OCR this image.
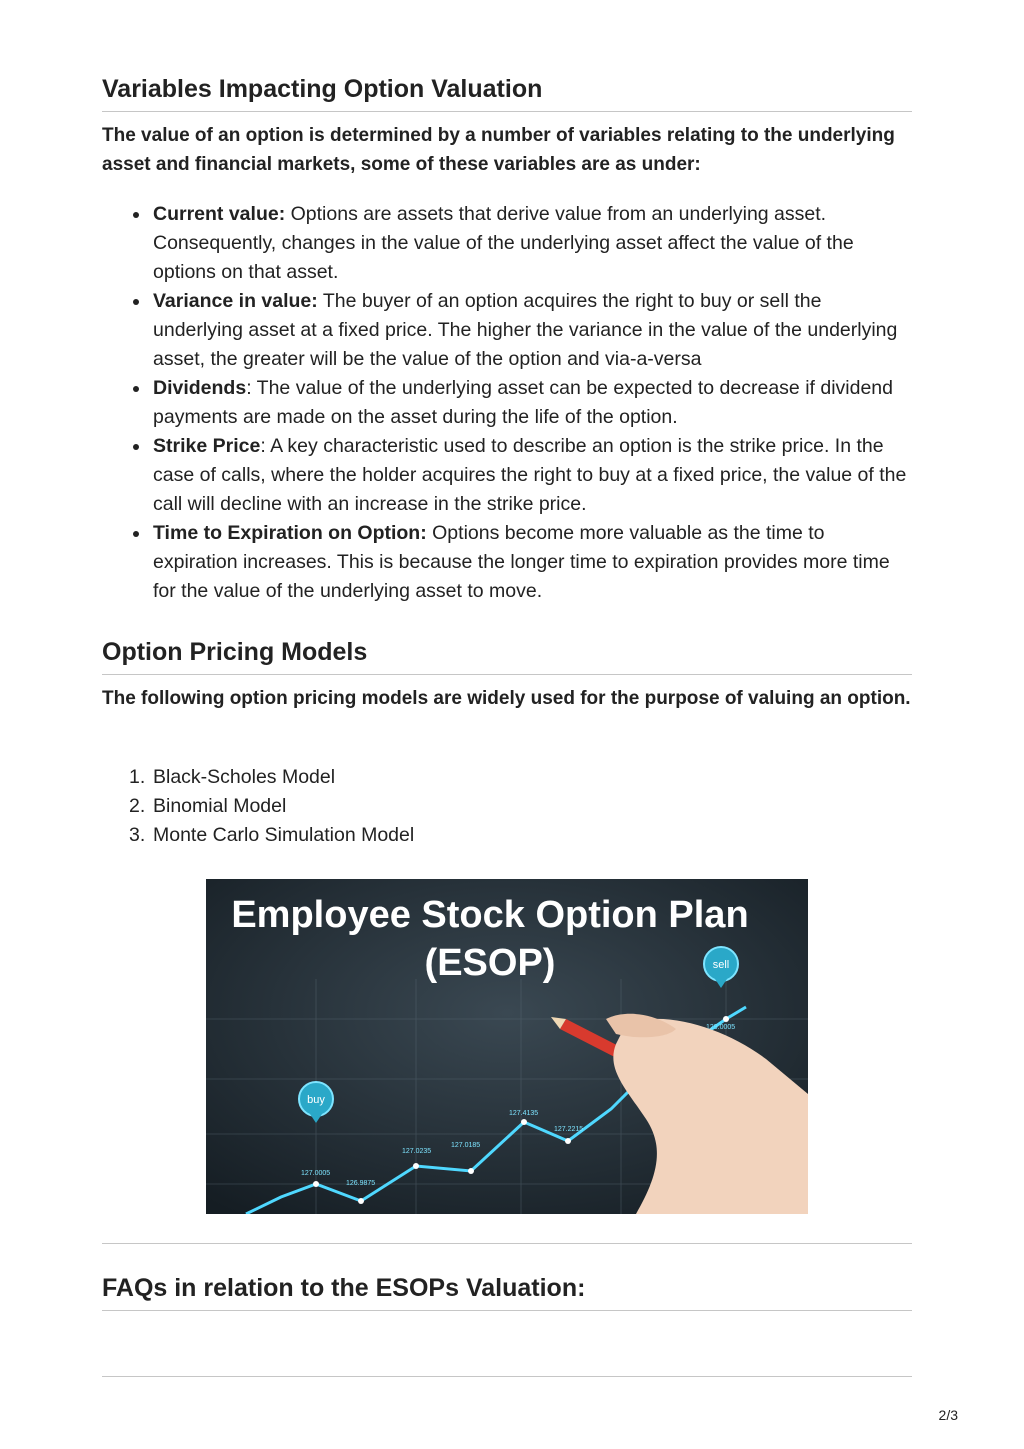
Variables Impacting Option Valuation

The value of an option is determined by a number of variables relating to the underlying asset and financial markets, some of these variables are as under:

Current value: Options are assets that derive value from an underlying asset. Consequently, changes in the value of the underlying asset affect the value of the options on that asset.
Variance in value: The buyer of an option acquires the right to buy or sell the underlying asset at a fixed price. The higher the variance in the value of the underlying asset, the greater will be the value of the option and via-a-versa
Dividends: The value of the underlying asset can be expected to decrease if dividend payments are made on the asset during the life of the option.
Strike Price: A key characteristic used to describe an option is the strike price. In the case of calls, where the holder acquires the right to buy at a fixed price, the value of the call will decline with an increase in the strike price.
Time to Expiration on Option: Options become more valuable as the time to expiration increases. This is because the longer time to expiration provides more time for the value of the underlying asset to move.
Option Pricing Models

The following option pricing models are widely used for the purpose of valuing an option.

1. Black-Scholes Model
2. Binomial Model
3. Monte Carlo Simulation Model
FAQs in relation to the ESOPs Valuation:
127.0005
126.9875
127.0235
127.0185
127.4135
127.2215
129.0005
buy
sell
Employee Stock Option Plan
(ESOP)
2/3
